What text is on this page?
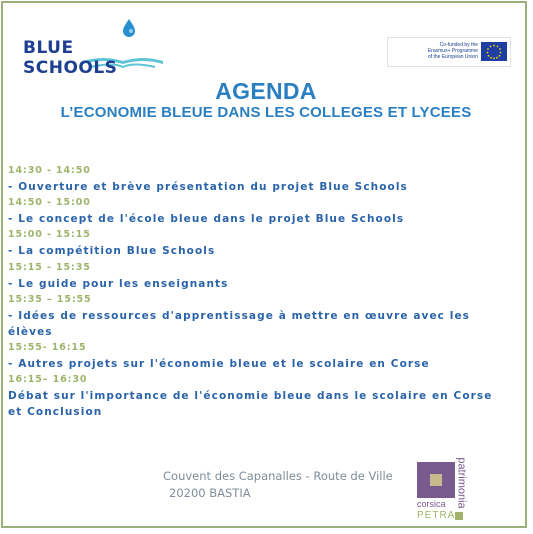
BLUE SCHOOLS
Co-funded by the
Erasmus+ Programme
of the European Union
AGENDA
L’ECONOMIE BLEUE DANS LES COLLEGES ET LYCEES
14:30 - 14:50
- Ouverture et brève présentation du projet Blue Schools
14:50 - 15:00
- Le concept de l'école bleue dans le projet Blue Schools
15:00 - 15:15
- La compétition Blue Schools
15:15 - 15:35
- Le guide pour les enseignants
15:35 – 15:55
- Idées de ressources d'apprentissage à mettre en œuvre avec les
élèves
15:55- 16:15
- Autres projets sur l'économie bleue et le scolaire en Corse
16:15– 16:30
Débat sur l'importance de l'économie bleue dans le scolaire en Corse
et Conclusion
Couvent des Capanalles - Route de Ville
20200 BASTIA
corsica
PETRA
patrimonia
